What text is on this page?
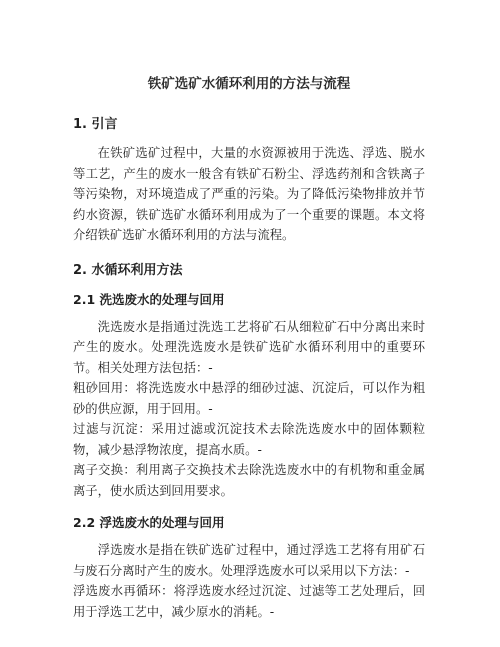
铁矿选矿水循环利用的方法与流程
1. 引言

在铁矿选矿过程中，大量的水资源被用于洗选、浮选、脱水等工艺，产生的废水一般含有铁矿石粉尘、浮选药剂和含铁离子等污染物，对环境造成了严重的污染。为了降低污染物排放并节约水资源，铁矿选矿水循环利用成为了一个重要的课题。本文将介绍铁矿选矿水循环利用的方法与流程。

2. 水循环利用方法
2.1 洗选废水的处理与回用

洗选废水是指通过洗选工艺将矿石从细粒矿石中分离出来时产生的废水。处理洗选废水是铁矿选矿水循环利用中的重要环节。相关处理方法包括：-

粗砂回用：将洗选废水中悬浮的细砂过滤、沉淀后，可以作为粗砂的供应源，用于回用。-

过滤与沉淀：采用过滤或沉淀技术去除洗选废水中的固体颗粒物，减少悬浮物浓度，提高水质。-

离子交换：利用离子交换技术去除洗选废水中的有机物和重金属离子，使水质达到回用要求。

2.2 浮选废水的处理与回用

浮选废水是指在铁矿选矿过程中，通过浮选工艺将有用矿石与废石分离时产生的废水。处理浮选废水可以采用以下方法：-

浮选废水再循环：将浮选废水经过沉淀、过滤等工艺处理后，回用于浮选工艺中，减少原水的消耗。-
